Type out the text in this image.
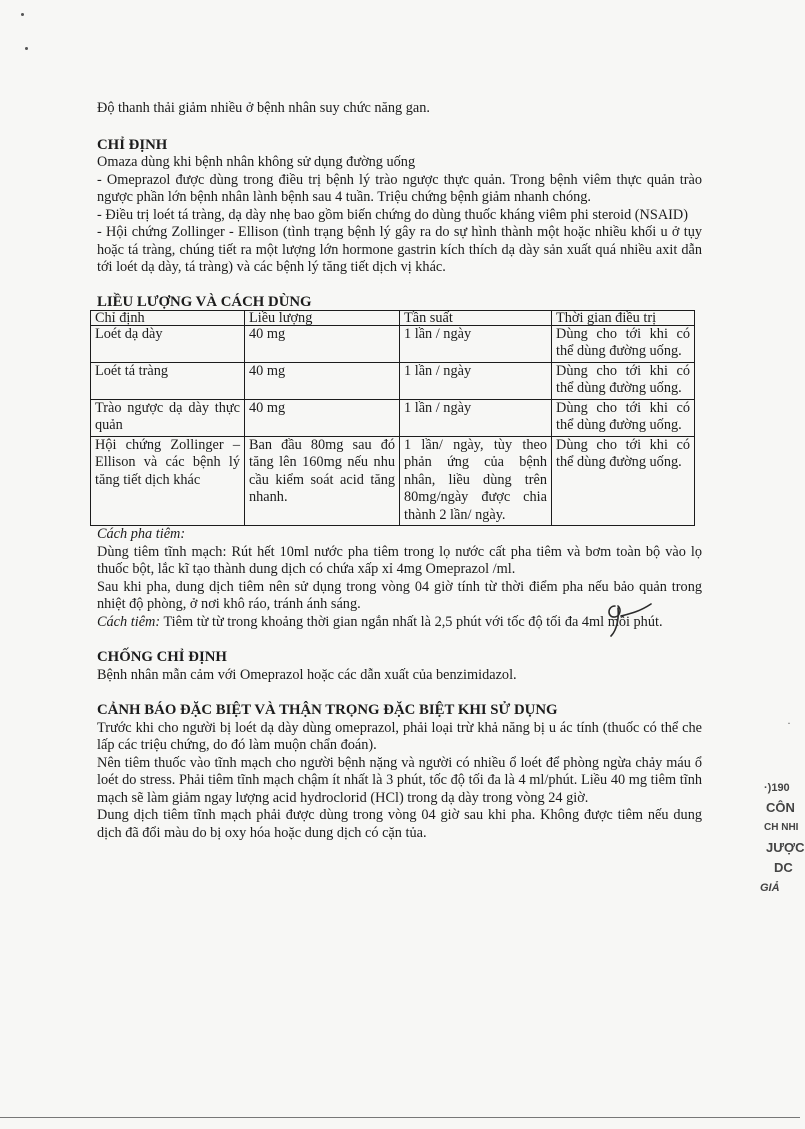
Độ thanh thải giảm nhiều ở bệnh nhân suy chức năng gan.

CHỈ ĐỊNH

Omaza dùng khi bệnh nhân không sử dụng đường uống

- Omeprazol được dùng trong điều trị bệnh lý trào ngược thực quản. Trong bệnh viêm thực quản trào ngược phần lớn bệnh nhân lành bệnh sau 4 tuần. Triệu chứng bệnh giảm nhanh chóng.

- Điều trị loét tá tràng, dạ dày nhẹ bao gồm biến chứng do dùng thuốc kháng viêm phi steroid (NSAID)

- Hội chứng Zollinger - Ellison (tình trạng bệnh lý gây ra do sự hình thành một hoặc nhiều khối u ở tụy hoặc tá tràng, chúng tiết ra một lượng lớn hormone gastrin kích thích dạ dày sản xuất quá nhiều axit dẫn tới loét dạ dày, tá tràng) và các bệnh lý tăng tiết dịch vị khác.

LIỀU LƯỢNG VÀ CÁCH DÙNG

Chỉ định	Liều lượng	Tần suất	Thời gian điều trị
Loét dạ dày	40 mg	1 lần / ngày	Dùng cho tới khi có thể dùng đường uống.
Loét tá tràng	40 mg	1 lần / ngày	Dùng cho tới khi có thể dùng đường uống.
Trào ngược dạ dày thực quản	40 mg	1 lần / ngày	Dùng cho tới khi có thể dùng đường uống.
Hội chứng Zollinger – Ellison và các bệnh lý tăng tiết dịch khác	Ban đầu 80mg sau đó tăng lên 160mg nếu nhu cầu kiểm soát acid tăng nhanh.	1 lần/ ngày, tùy theo phản ứng của bệnh nhân, liều dùng trên 80mg/ngày được chia thành 2 lần/ ngày.	Dùng cho tới khi có thể dùng đường uống.

Cách pha tiêm:

Dùng tiêm tĩnh mạch: Rút hết 10ml nước pha tiêm trong lọ nước cất pha tiêm và bơm toàn bộ vào lọ thuốc bột, lắc kĩ tạo thành dung dịch có chứa xấp xỉ 4mg Omeprazol /ml.

Sau khi pha, dung dịch tiêm nên sử dụng trong vòng 04 giờ tính từ thời điểm pha nếu bảo quản trong nhiệt độ phòng, ở nơi khô ráo, tránh ánh sáng.

Cách tiêm: Tiêm từ từ trong khoảng thời gian ngắn nhất là 2,5 phút với tốc độ tối đa 4ml mỗi phút.

CHỐNG CHỈ ĐỊNH

Bệnh nhân mẫn cảm với Omeprazol hoặc các dẫn xuất của benzimidazol.

CẢNH BÁO ĐẶC BIỆT VÀ THẬN TRỌNG ĐẶC BIỆT KHI SỬ DỤNG

Trước khi cho người bị loét dạ dày dùng omeprazol, phải loại trừ khả năng bị u ác tính (thuốc có thể che lấp các triệu chứng, do đó làm muộn chẩn đoán).

Nên tiêm thuốc vào tĩnh mạch cho người bệnh nặng và người có nhiều ổ loét để phòng ngừa chảy máu ổ loét do stress. Phải tiêm tĩnh mạch chậm ít nhất là 3 phút, tốc độ tối đa là 4 ml/phút. Liều 40 mg tiêm tĩnh mạch sẽ làm giảm ngay lượng acid hydroclorid (HCl) trong dạ dày trong vòng 24 giờ.

Dung dịch tiêm tĩnh mạch phải được dùng trong vòng 04 giờ sau khi pha. Không được tiêm nếu dung dịch đã đổi màu do bị oxy hóa hoặc dung dịch có cặn tủa.

·
·)190
CÔN
CH NHI
JƯỢC
DC
GIẢ
